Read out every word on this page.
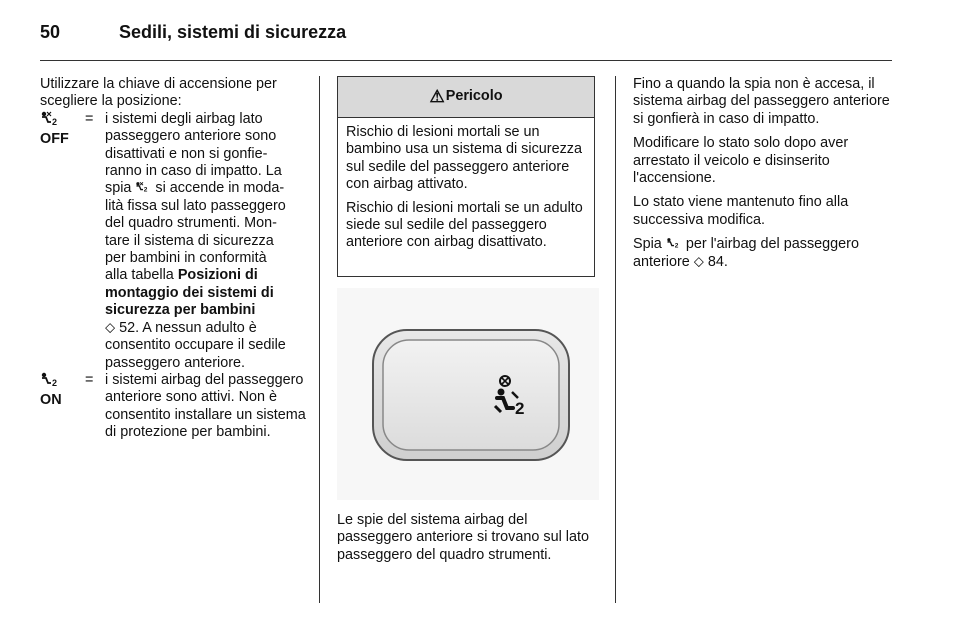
50	Sedili, sistemi di sicurezza

Utilizzare la chiave di accensione per scegliere la posizione:

2
OFF
= i sistemi degli airbag lato
passeggero anteriore sono
disattivati e non si gonfie-
ranno in caso di impatto. La
spia 2 si accende in moda-
lità fissa sul lato passeggero
del quadro strumenti. Mon-
tare il sistema di sicurezza
per bambini in conformità
alla tabella Posizioni di montaggio dei sistemi di sicurezza per bambini
⬦ 52. A nessun adulto è consentito occupare il sedile passeggero anteriore.
2
ON
= i sistemi airbag del passeggero anteriore sono attivi. Non è consentito installare un sistema di protezione per bambini.
⚠ Pericolo

Rischio di lesioni mortali se un bambino usa un sistema di sicurezza sul sedile del passeggero anteriore con airbag attivato.

Rischio di lesioni mortali se un adulto siede sul sedile del passeggero anteriore con airbag disattivato.

2

Le spie del sistema airbag del passeggero anteriore si trovano sul lato passeggero del quadro strumenti.

Fino a quando la spia non è accesa, il sistema airbag del passeggero anteriore si gonfierà in caso di impatto.

Modificare lo stato solo dopo aver arrestato il veicolo e disinserito l'accensione.

Lo stato viene mantenuto fino alla successiva modifica.

Spia 2 per l'airbag del passeggero anteriore ⬦ 84.
